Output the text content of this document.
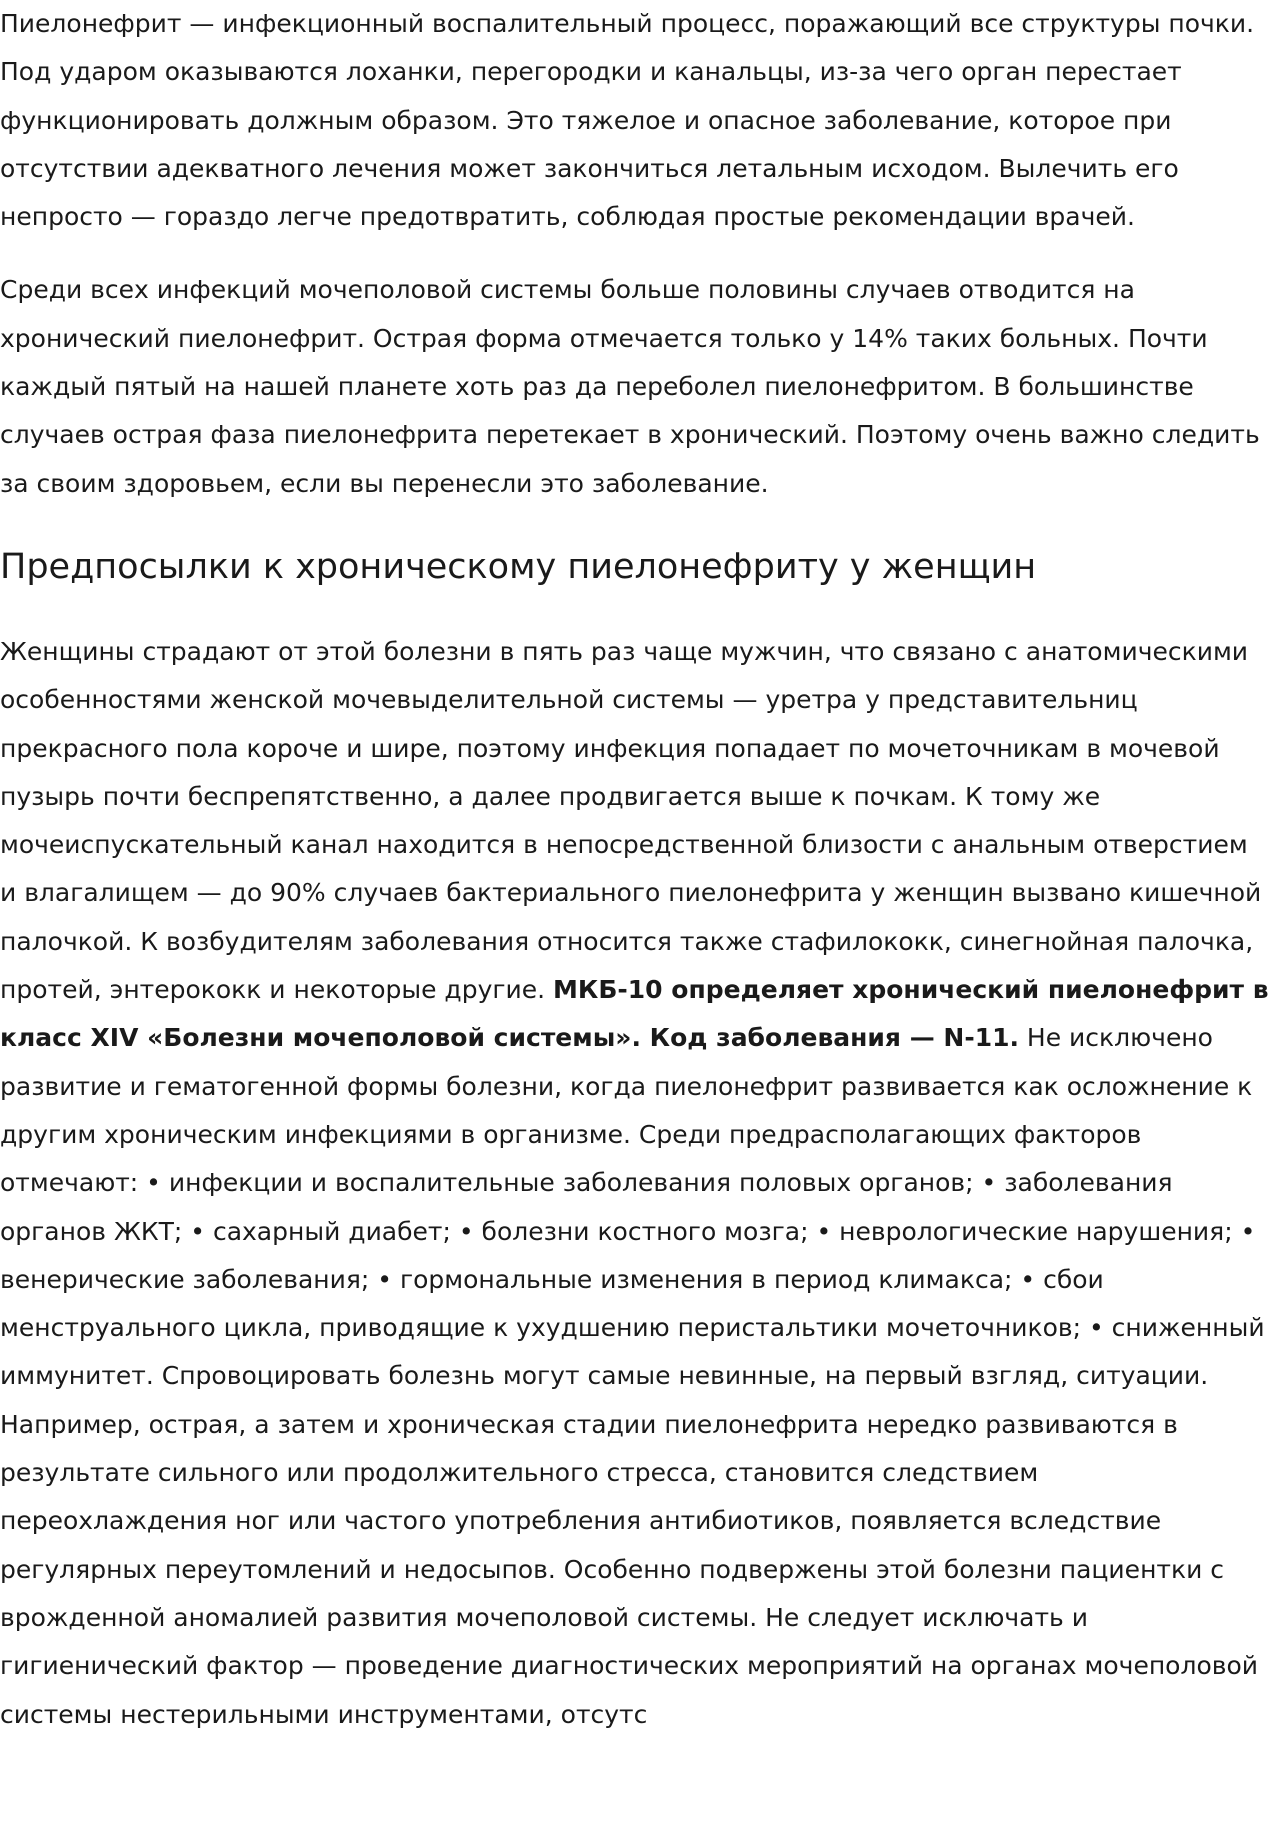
Пиелонефрит — инфекционный воспалительный процесс, поражающий все структуры почки. Под ударом оказываются лоханки, перегородки и канальцы, из-за чего орган перестает функционировать должным образом. Это тяжелое и опасное заболевание, которое при отсутствии адекватного лечения может закончиться летальным исходом. Вылечить его непросто — гораздо легче предотвратить, соблюдая простые рекомендации врачей.

Среди всех инфекций мочеполовой системы больше половины случаев отводится на хронический пиелонефрит. Острая форма отмечается только у 14% таких больных. Почти каждый пятый на нашей планете хоть раз да переболел пиелонефритом. В большинстве случаев острая фаза пиелонефрита перетекает в хронический. Поэтому очень важно следить за своим здоровьем, если вы перенесли это заболевание.

Предпосылки к хроническому пиелонефриту у женщин

Женщины страдают от этой болезни в пять раз чаще мужчин, что связано с анатомическими особенностями женской мочевыделительной системы — уретра у представительниц прекрасного пола короче и шире, поэтому инфекция попадает по мочеточникам в мочевой пузырь почти беспрепятственно, а далее продвигается выше к почкам. К тому же мочеиспускательный канал находится в непосредственной близости с анальным отверстием и влагалищем — до 90% случаев бактериального пиелонефрита у женщин вызвано кишечной палочкой. К возбудителям заболевания относится также стафилококк, синегнойная палочка, протей, энтерококк и некоторые другие. МКБ-10 определяет хронический пиелонефрит в класс XIV «Болезни мочеполовой системы». Код заболевания — N-11. Не исключено развитие и гематогенной формы болезни, когда пиелонефрит развивается как осложнение к другим хроническим инфекциями в организме. Среди предрасполагающих факторов отмечают: • инфекции и воспалительные заболевания половых органов; • заболевания органов ЖКТ; • сахарный диабет; • болезни костного мозга; • неврологические нарушения; • венерические заболевания; • гормональные изменения в период климакса; • сбои менструального цикла, приводящие к ухудшению перистальтики мочеточников; • сниженный иммунитет. Спровоцировать болезнь могут самые невинные, на первый взгляд, ситуации. Например, острая, а затем и хроническая стадии пиелонефрита нередко развиваются в результате сильного или продолжительного стресса, становится следствием переохлаждения ног или частого употребления антибиотиков, появляется вследствие регулярных переутомлений и недосыпов. Особенно подвержены этой болезни пациентки с врожденной аномалией развития мочеполовой системы. Не следует исключать и гигиенический фактор — проведение диагностических мероприятий на органах мочеполовой системы нестерильными инструментами, отсутс
